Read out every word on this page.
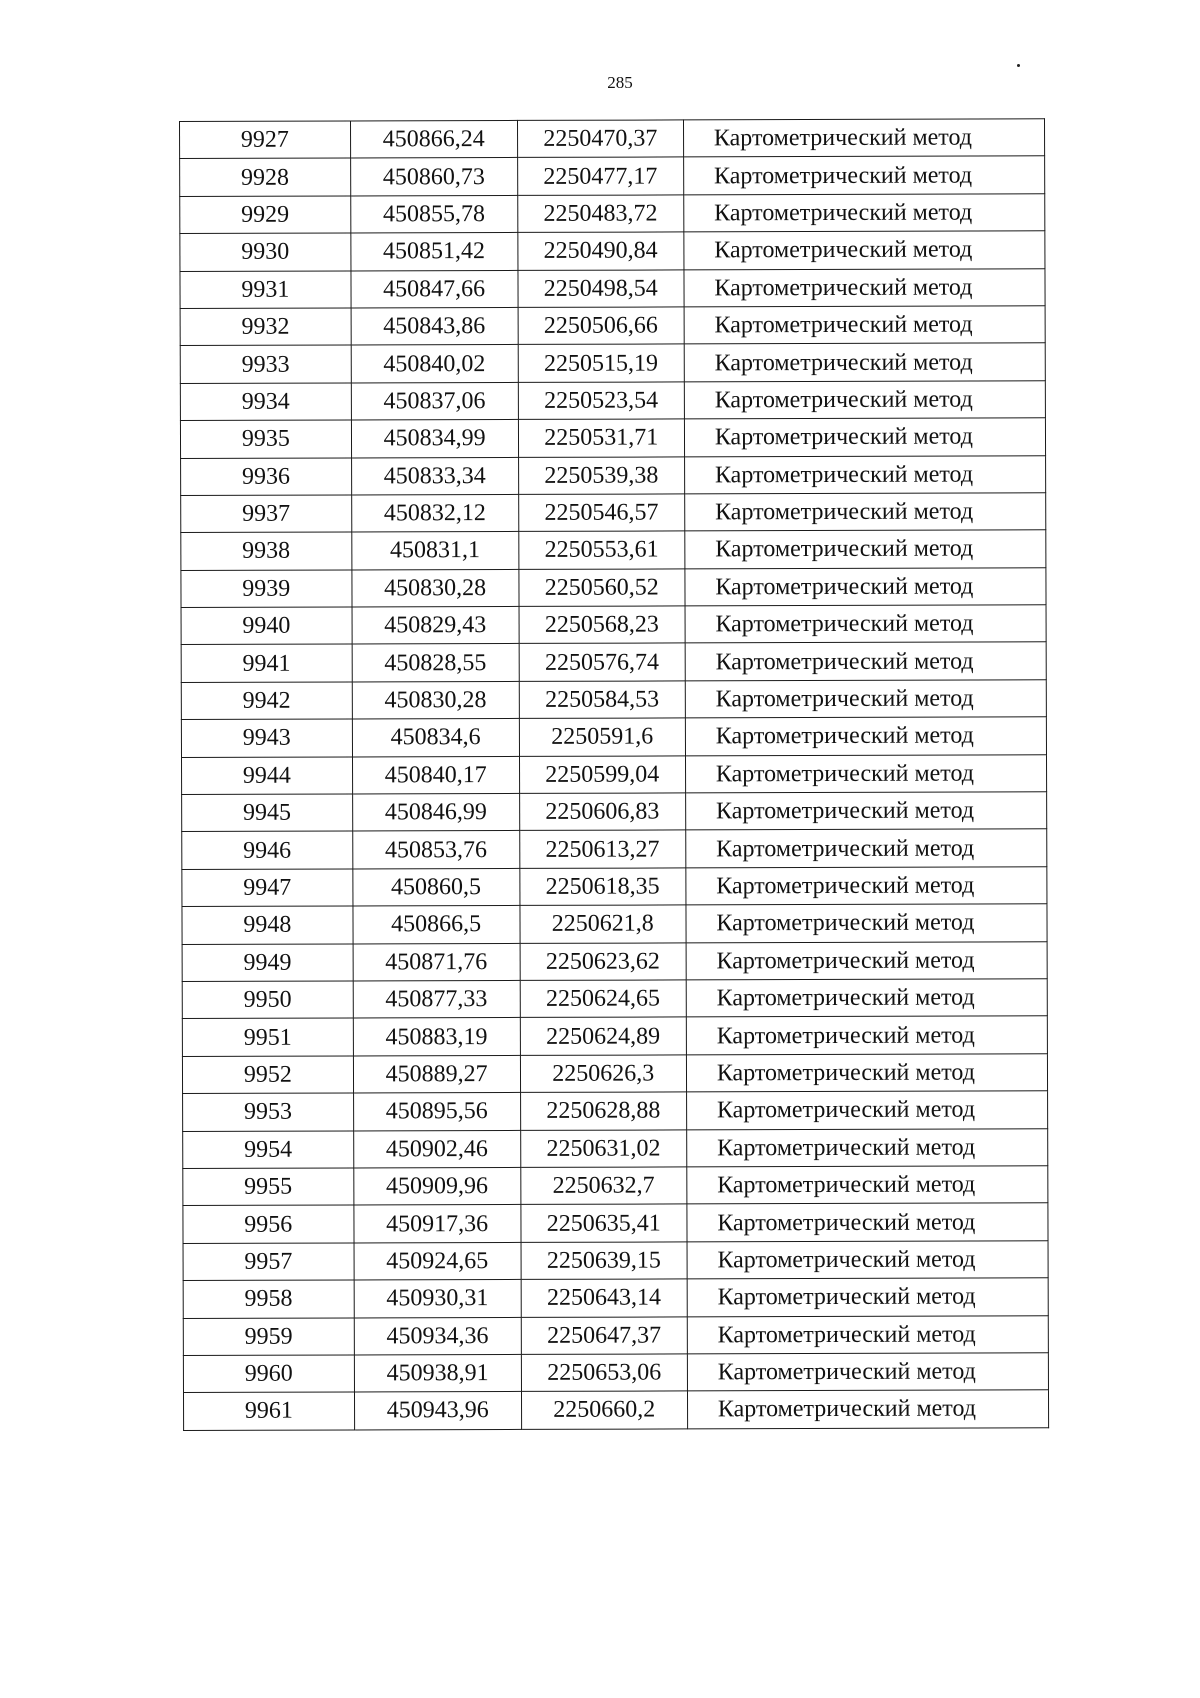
285
9927	450866,24	2250470,37	Картометрический метод
9928	450860,73	2250477,17	Картометрический метод
9929	450855,78	2250483,72	Картометрический метод
9930	450851,42	2250490,84	Картометрический метод
9931	450847,66	2250498,54	Картометрический метод
9932	450843,86	2250506,66	Картометрический метод
9933	450840,02	2250515,19	Картометрический метод
9934	450837,06	2250523,54	Картометрический метод
9935	450834,99	2250531,71	Картометрический метод
9936	450833,34	2250539,38	Картометрический метод
9937	450832,12	2250546,57	Картометрический метод
9938	450831,1	2250553,61	Картометрический метод
9939	450830,28	2250560,52	Картометрический метод
9940	450829,43	2250568,23	Картометрический метод
9941	450828,55	2250576,74	Картометрический метод
9942	450830,28	2250584,53	Картометрический метод
9943	450834,6	2250591,6	Картометрический метод
9944	450840,17	2250599,04	Картометрический метод
9945	450846,99	2250606,83	Картометрический метод
9946	450853,76	2250613,27	Картометрический метод
9947	450860,5	2250618,35	Картометрический метод
9948	450866,5	2250621,8	Картометрический метод
9949	450871,76	2250623,62	Картометрический метод
9950	450877,33	2250624,65	Картометрический метод
9951	450883,19	2250624,89	Картометрический метод
9952	450889,27	2250626,3	Картометрический метод
9953	450895,56	2250628,88	Картометрический метод
9954	450902,46	2250631,02	Картометрический метод
9955	450909,96	2250632,7	Картометрический метод
9956	450917,36	2250635,41	Картометрический метод
9957	450924,65	2250639,15	Картометрический метод
9958	450930,31	2250643,14	Картометрический метод
9959	450934,36	2250647,37	Картометрический метод
9960	450938,91	2250653,06	Картометрический метод
9961	450943,96	2250660,2	Картометрический метод
